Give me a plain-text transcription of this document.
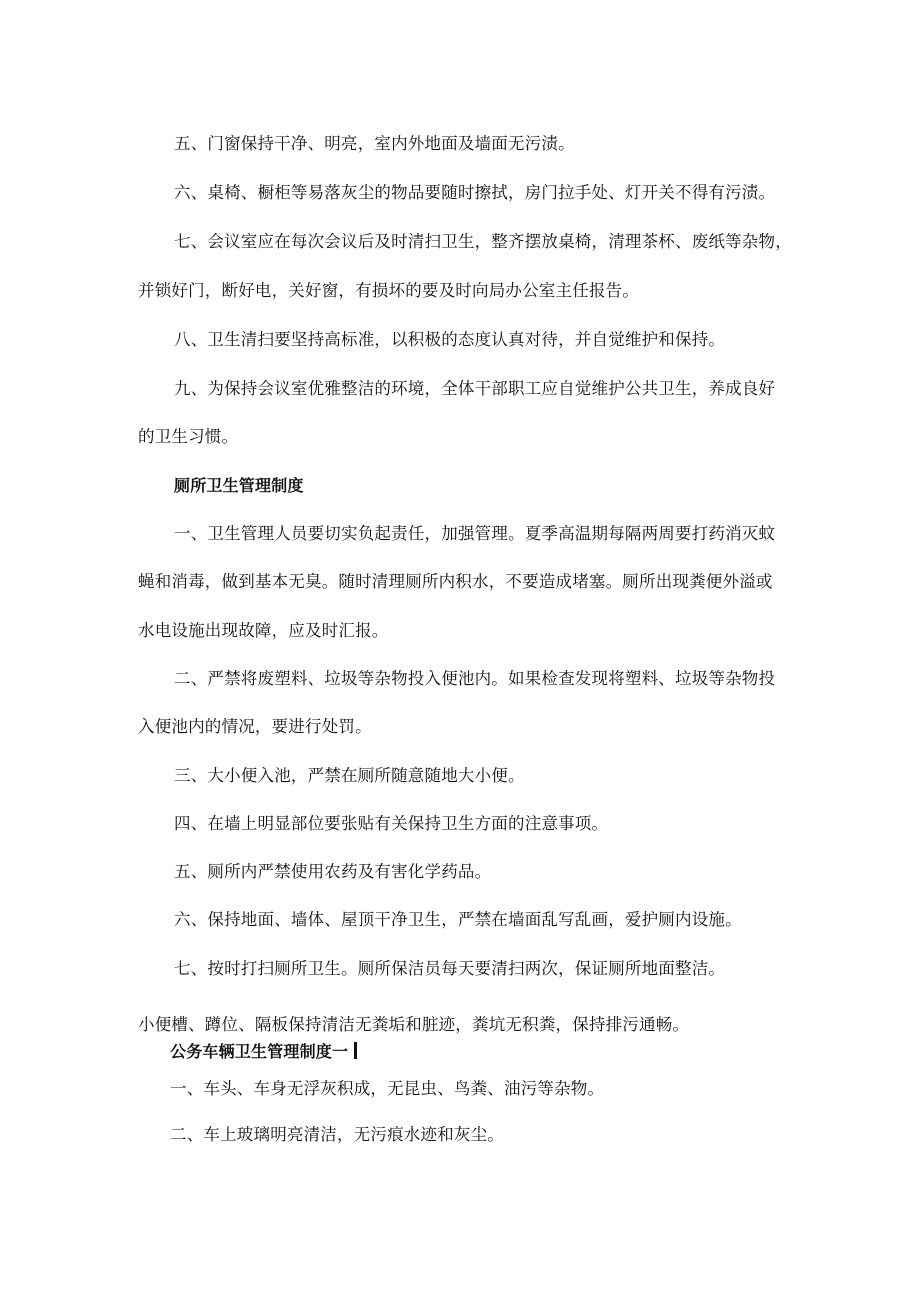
五、门窗保持干净、明亮，室内外地面及墙面无污渍。

六、桌椅、橱柜等易落灰尘的物品要随时擦拭，房门拉手处、灯开关不得有污渍。

七、会议室应在每次会议后及时清扫卫生，整齐摆放桌椅，清理茶杯、废纸等杂物，

并锁好门，断好电，关好窗，有损坏的要及时向局办公室主任报告。

八、卫生清扫要坚持高标准，以积极的态度认真对待，并自觉维护和保持。

九、为保持会议室优雅整洁的环境，全体干部职工应自觉维护公共卫生，养成良好

的卫生习惯。

厕所卫生管理制度

一、卫生管理人员要切实负起责任，加强管理。夏季高温期每隔两周要打药消灭蚊

蝇和消毒，做到基本无臭。随时清理厕所内积水，不要造成堵塞。厕所出现粪便外溢或

水电设施出现故障，应及时汇报。

二、严禁将废塑料、垃圾等杂物投入便池内。如果检查发现将塑料、垃圾等杂物投

入便池内的情况，要进行处罚。

三、大小便入池，严禁在厕所随意随地大小便。

四、在墙上明显部位要张贴有关保持卫生方面的注意事项。

五、厕所内严禁使用农药及有害化学药品。

六、保持地面、墙体、屋顶干净卫生，严禁在墙面乱写乱画，爱护厕内设施。

七、按时打扫厕所卫生。厕所保洁员每天要清扫两次，保证厕所地面整洁。

小便槽、蹲位、隔板保持清洁无粪垢和脏迹，粪坑无积粪，保持排污通畅。

公务车辆卫生管理制度一

一、车头、车身无浮灰积成，无昆虫、鸟粪、油污等杂物。

二、车上玻璃明亮清洁，无污痕水迹和灰尘。
